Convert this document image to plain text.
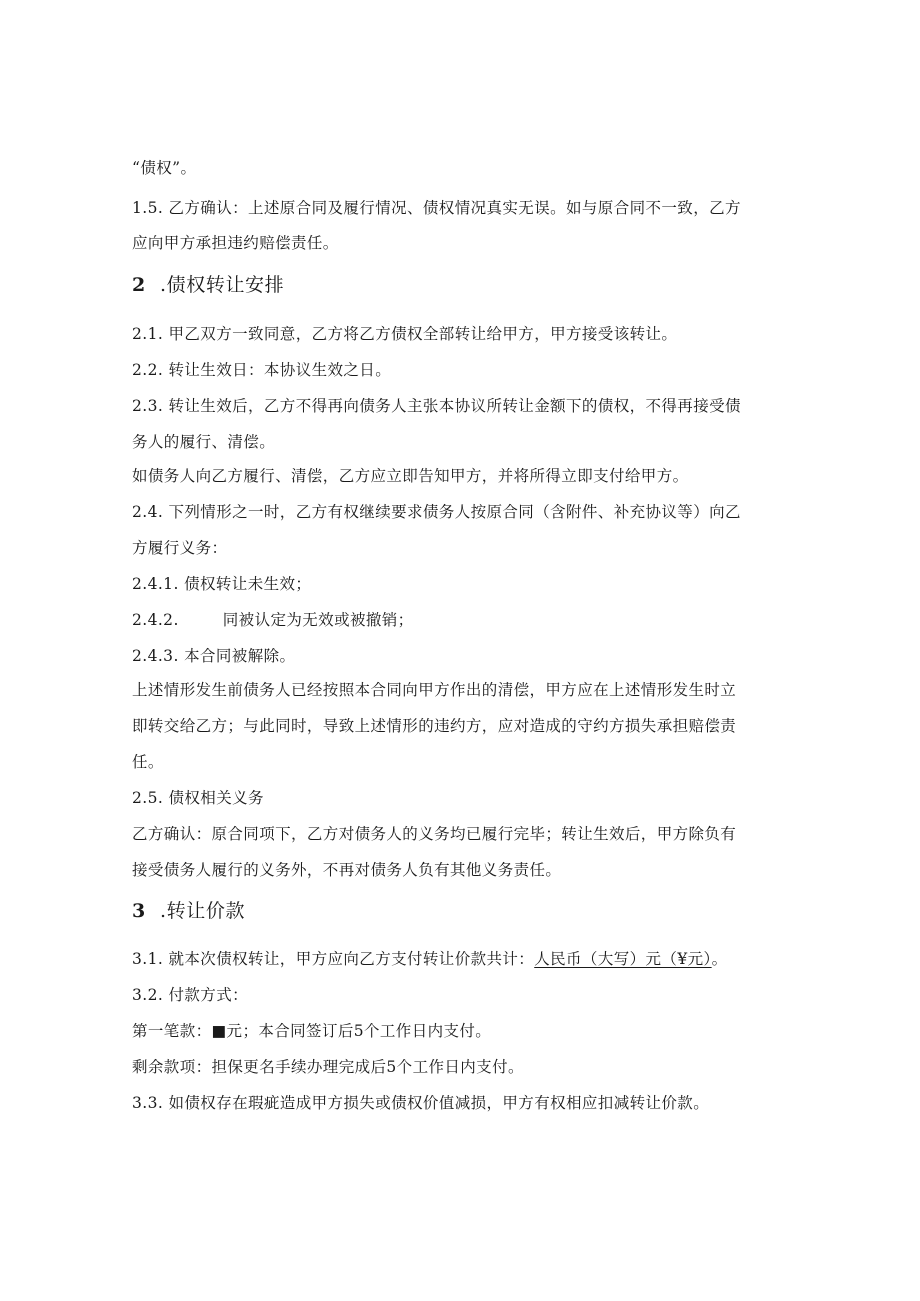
“债权”。
1.5. 乙方确认：上述原合同及履行情况、债权情况真实无误。如与原合同不一致，乙方
应向甲方承担违约赔偿责任。
2 .债权转让安排
2.1. 甲乙双方一致同意，乙方将乙方债权全部转让给甲方，甲方接受该转让。
2.2. 转让生效日：本协议生效之日。
2.3. 转让生效后，乙方不得再向债务人主张本协议所转让金额下的债权，不得再接受债
务人的履行、清偿。
如债务人向乙方履行、清偿，乙方应立即告知甲方，并将所得立即支付给甲方。
2.4. 下列情形之一时，乙方有权继续要求债务人按原合同（含附件、补充协议等）向乙
方履行义务：
2.4.1. 债权转让未生效；
2.4.2.	同被认定为无效或被撤销；
2.4.3. 本合同被解除。
上述情形发生前债务人已经按照本合同向甲方作出的清偿，甲方应在上述情形发生时立
即转交给乙方；与此同时，导致上述情形的违约方，应对造成的守约方损失承担赔偿责
任。
2.5. 债权相关义务
乙方确认：原合同项下，乙方对债务人的义务均已履行完毕；转让生效后，甲方除负有
接受债务人履行的义务外，不再对债务人负有其他义务责任。
3 .转让价款
3.1. 就本次债权转让，甲方应向乙方支付转让价款共计：人民币（大写）元（¥元）。
3.2. 付款方式：
第一笔款：■元；本合同签订后5个工作日内支付。
剩余款项：担保更名手续办理完成后5个工作日内支付。
3.3. 如债权存在瑕疵造成甲方损失或债权价值减损，甲方有权相应扣减转让价款。
